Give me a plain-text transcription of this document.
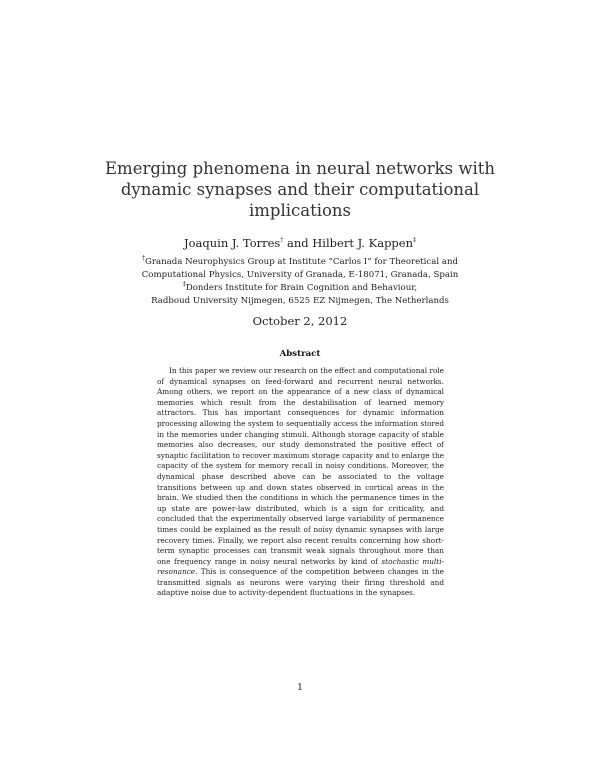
Emerging phenomena in neural networks with
dynamic synapses and their computational
implications
Joaquin J. Torres† and Hilbert J. Kappen‡
†Granada Neurophysics Group at Institute “Carlos I” for Theoretical and
Computational Physics, University of Granada, E-18071, Granada, Spain
‡Donders Institute for Brain Cognition and Behaviour,
Radboud University Nijmegen, 6525 EZ Nijmegen, The Netherlands
October 2, 2012
Abstract

In this paper we review our research on the effect and computational role of dynamical synapses on feed-forward and recurrent neural networks. Among others, we report on the appearance of a new class of dynamical memories which result from the destabilisation of learned memory attractors. This has important consequences for dynamic information processing allowing the system to sequentially access the information stored in the memories under changing stimuli. Although storage capacity of stable memories also decreases, our study demonstrated the positive effect of synaptic facilitation to recover maximum storage capacity and to enlarge the capacity of the system for memory recall in noisy conditions. Moreover, the dynamical phase described above can be associated to the voltage transitions between up and down states observed in cortical areas in the brain. We studied then the conditions in which the permanence times in the up state are power-law distributed, which is a sign for criticality, and concluded that the experimentally observed large variability of permanence times could be explained as the result of noisy dynamic synapses with large recovery times. Finally, we report also recent results concerning how short-term synaptic processes can transmit weak signals throughout more than one frequency range in noisy neural networks by kind of stochastic multi-resonance. This is consequence of the competition between changes in the transmitted signals as neurons were varying their firing threshold and adaptive noise due to activity-dependent fluctuations in the synapses.

1
